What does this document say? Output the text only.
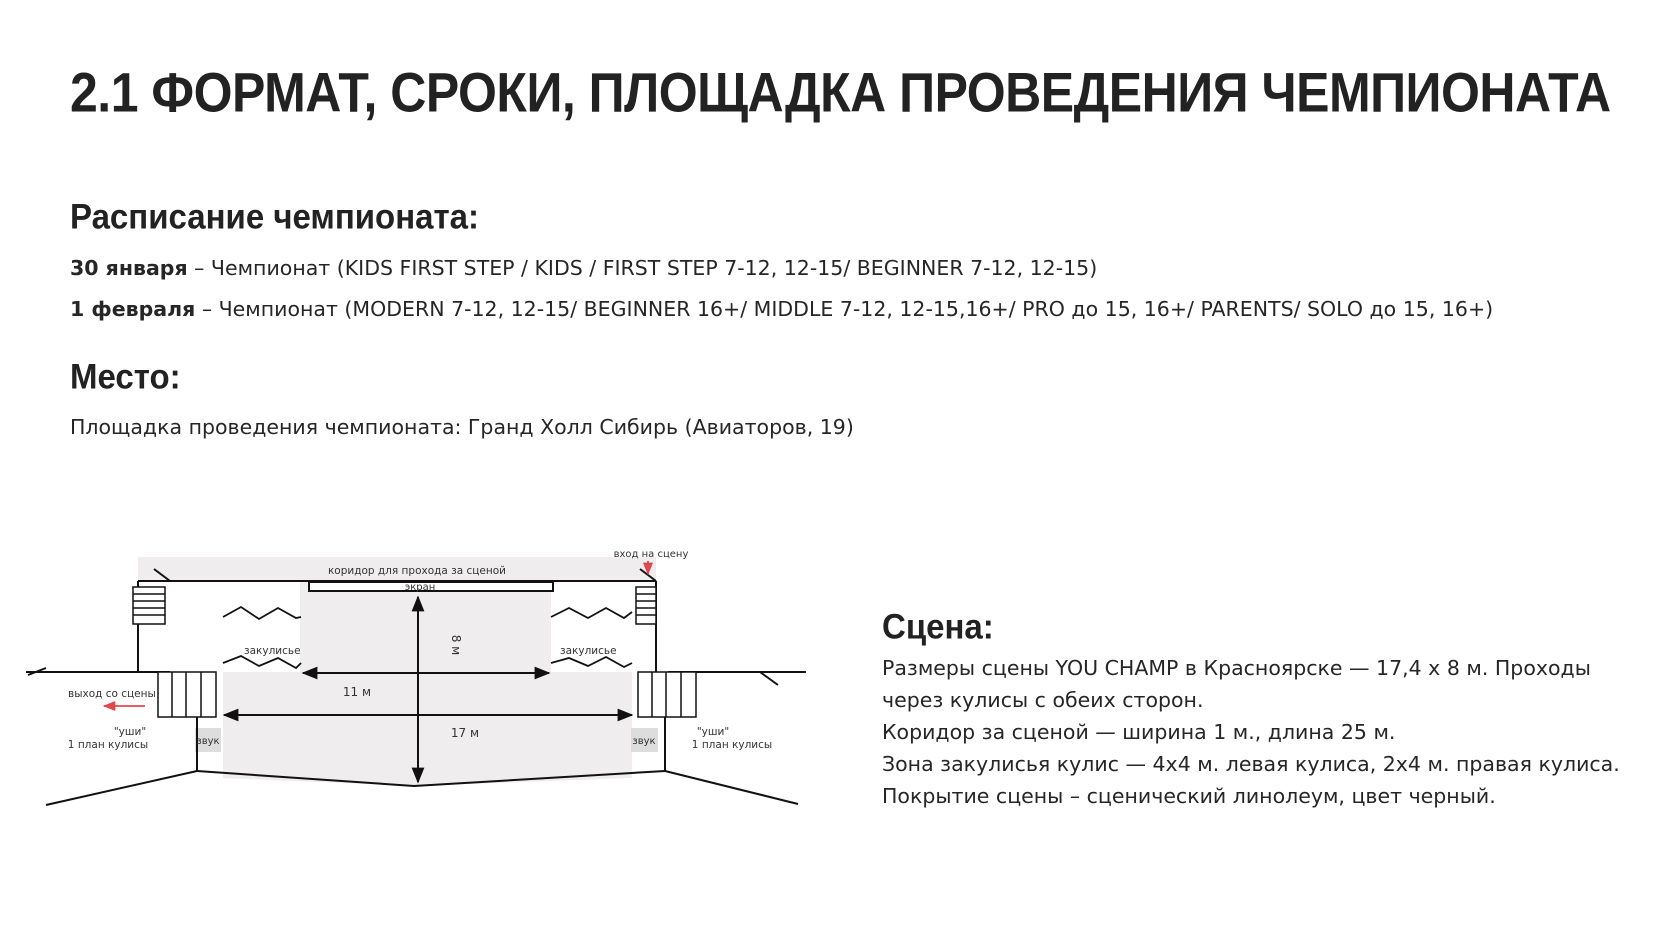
2.1 ФОРМАТ, СРОКИ, ПЛОЩАДКА ПРОВЕДЕНИЯ ЧЕМПИОНАТА
Расписание чемпионата:

30 января – Чемпионат (KIDS FIRST STEP / KIDS / FIRST STEP 7-12, 12-15/ BEGINNER 7-12, 12-15)

1 февраля – Чемпионат (MODERN 7-12, 12-15/ BEGINNER 16+/ MIDDLE 7-12, 12-15,16+/ PRO до 15, 16+/ PARENTS/ SOLO до 15, 16+)

Место:

Площадка проведения чемпионата: Гранд Холл Сибирь (Авиаторов, 19)

Сцена:
Размеры сцены YOU CHAMP в Красноярске — 17,4 х 8 м. Проходы
через кулисы с обеих сторон.
Коридор за сценой — ширина 1 м., длина 25 м.
Зона закулисья кулис — 4х4 м. левая кулиса, 2х4 м. правая кулиса.
Покрытие сцены – сценический линолеум, цвет черный.
коридор для прохода за сценой
вход на сцену
экран
закулисье	закулисье
8 м
11 м
17 м
выход со сцены
"уши"
1 план кулисы
"уши"
1 план кулисы
звук	звук
